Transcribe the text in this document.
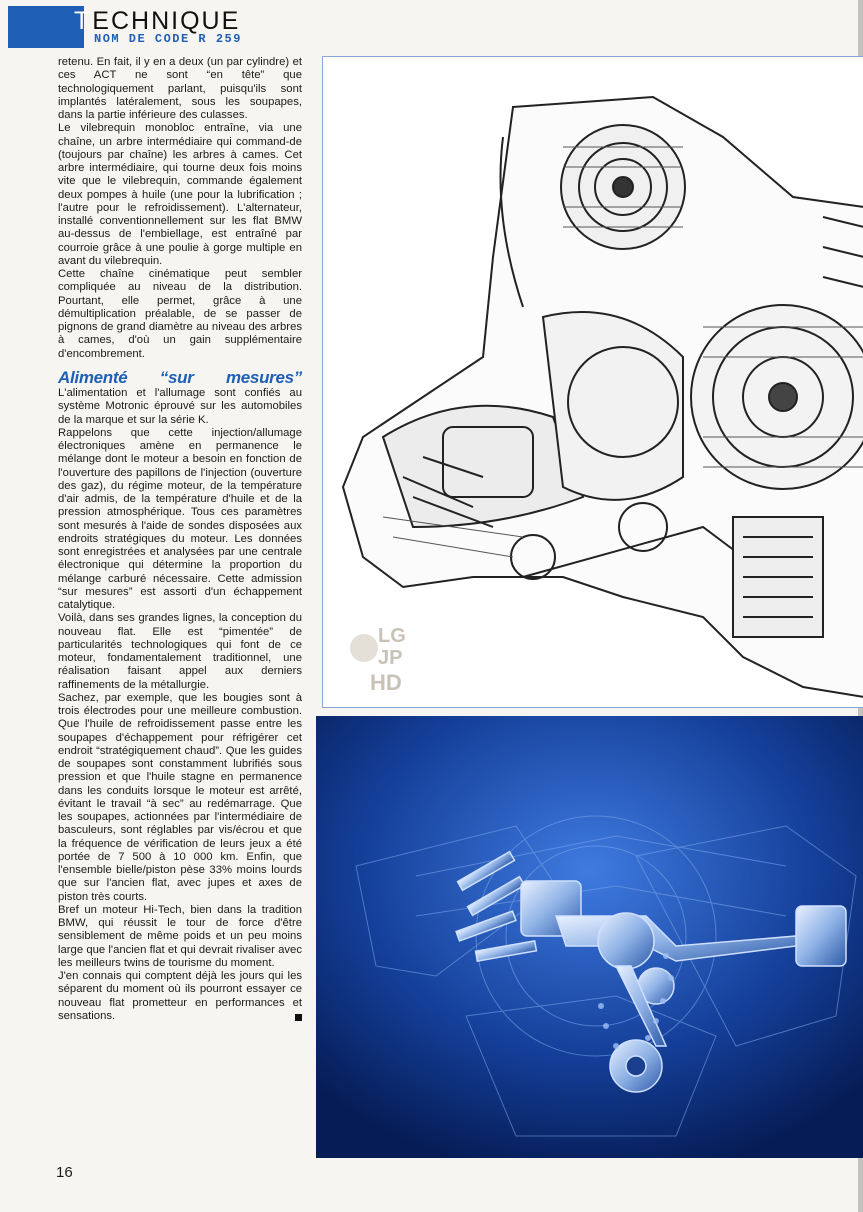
TECHNIQUE
NOM DE CODE R 259

retenu. En fait, il y en a deux (un par cylindre) et ces ACT ne sont “en tête” que technologiquement parlant, puisqu'ils sont implantés latéralement, sous les soupapes, dans la partie inférieure des culasses.

Le vilebrequin monobloc entraîne, via une chaîne, un arbre intermédiaire qui command-de (toujours par chaîne) les arbres à cames. Cet arbre intermédiaire, qui tourne deux fois moins vite que le vilebrequin, commande également deux pompes à huile (une pour la lubrification ; l'autre pour le refroidissement). L'alternateur, installé conventionnellement sur les flat BMW au-dessus de l'embiellage, est entraîné par courroie grâce à une poulie à gorge multiple en avant du vilebrequin.

Cette chaîne cinématique peut sembler compliquée au niveau de la distribution. Pourtant, elle permet, grâce à une démultiplication préalable, de se passer de pignons de grand diamètre au niveau des arbres à cames, d'où un gain supplémentaire d'encombrement.

Alimenté “sur mesures” L'alimentation et l'allumage sont confiés au système Motronic éprouvé sur les automobiles de la marque et sur la série K.

Rappelons que cette injection/allumage électroniques amène en permanence le mélange dont le moteur a besoin en fonction de l'ouverture des papillons de l'injection (ouverture des gaz), du régime moteur, de la température d'air admis, de la température d'huile et de la pression atmosphérique. Tous ces paramètres sont mesurés à l'aide de sondes disposées aux endroits stratégiques du moteur. Les données sont enregistrées et analysées par une centrale électronique qui détermine la proportion du mélange carburé nécessaire. Cette admission “sur mesures” est assorti d'un échappement catalytique.

Voilà, dans ses grandes lignes, la conception du nouveau flat. Elle est “pimentée” de particularités technologiques qui font de ce moteur, fondamentalement traditionnel, une réalisation faisant appel aux derniers raffinements de la métallurgie.

Sachez, par exemple, que les bougies sont à trois électrodes pour une meilleure combustion. Que l'huile de refroidissement passe entre les soupapes d'échappement pour réfrigérer cet endroit “stratégiquement chaud”. Que les guides de soupapes sont constamment lubrifiés sous pression et que l'huile stagne en permanence dans les conduits lorsque le moteur est arrêté, évitant le travail “à sec” au redémarrage. Que les soupapes, actionnées par l'intermédiaire de basculeurs, sont réglables par vis/écrou et que la fréquence de vérification de leurs jeux a été portée de 7 500 à 10 000 km. Enfin, que l'ensemble bielle/piston pèse 33% moins lourds que sur l'ancien flat, avec jupes et axes de piston très courts.

Bref un moteur Hi-Tech, bien dans la tradition BMW, qui réussit le tour de force d'être sensiblement de même poids et un peu moins large que l'ancien flat et qui devrait rivaliser avec les meilleurs twins de tourisme du moment.

J'en connais qui comptent déjà les jours qui les séparent du moment où ils pourront essayer ce nouveau flat prometteur en performances et sensations.

16
LG
JP
HD
